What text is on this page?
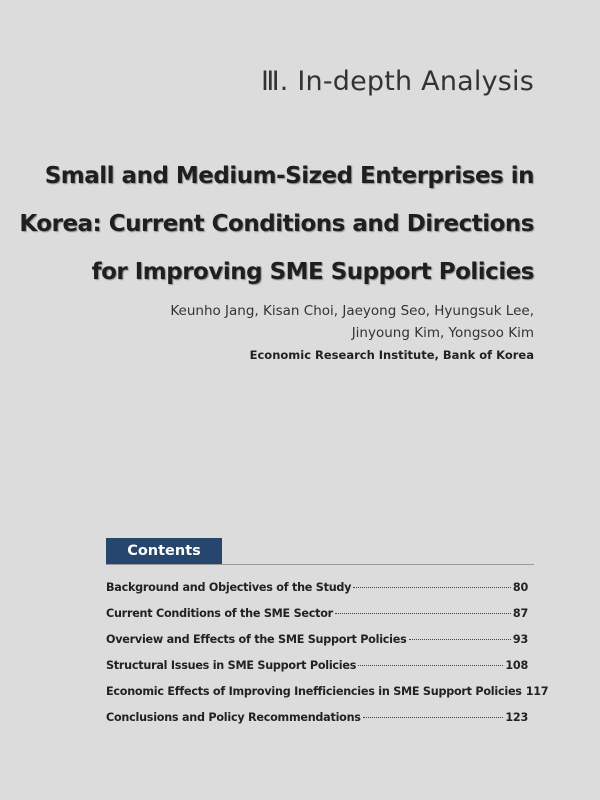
Ⅲ. In-depth Analysis
Small and Medium-Sized Enterprises in
Korea: Current Conditions and Directions
for Improving SME Support Policies
Keunho Jang, Kisan Choi, Jaeyong Seo, Hyungsuk Lee,
Jinyoung Kim, Yongsoo Kim
Economic Research Institute, Bank of Korea
Contents
Background and Objectives of the Study	80
Current Conditions of the SME Sector	87
Overview and Effects of the SME Support Policies	93
Structural Issues in SME Support Policies	108
Economic Effects of Improving Inefficiencies in SME Support Policies 117
Conclusions and Policy Recommendations	123
